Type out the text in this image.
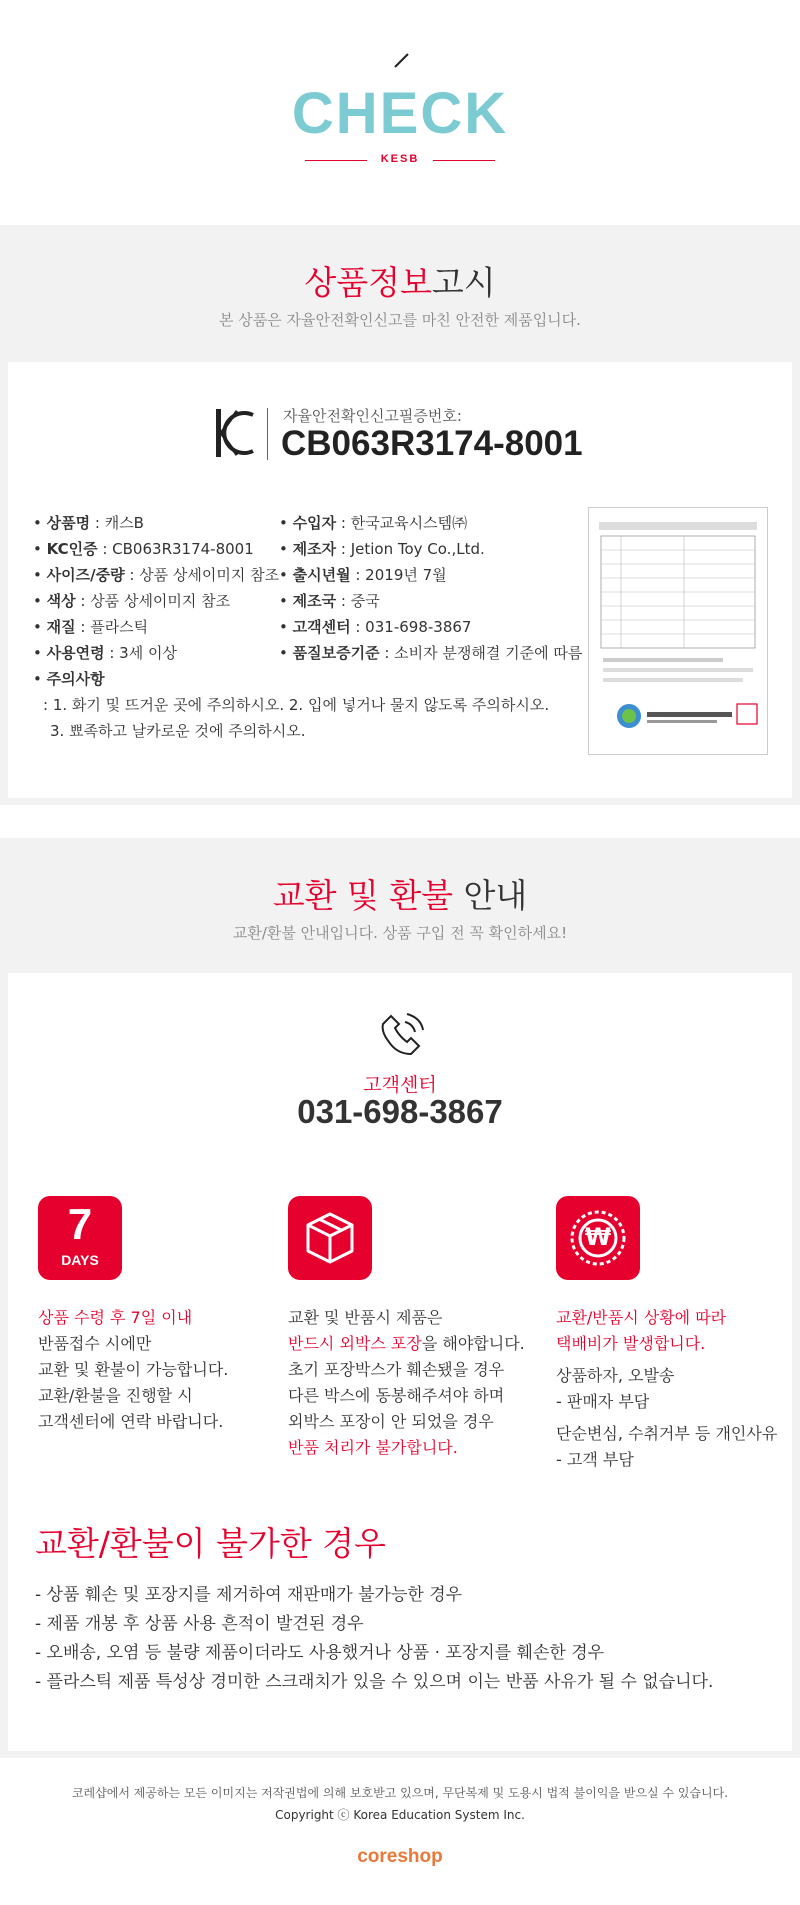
CHECK
KESB
상품정보고시
본 상품은 자율안전확인신고를 마친 안전한 제품입니다.
자율안전확인신고필증번호:
CB063R3174-8001
• 상품명 : 캐스B
• KC인증 : CB063R3174-8001
• 사이즈/중량 : 상품 상세이미지 참조
• 색상 : 상품 상세이미지 참조
• 재질 : 플라스틱
• 사용연령 : 3세 이상
• 수입자 : 한국교육시스템㈜
• 제조자 : Jetion Toy Co.,Ltd.
• 출시년월 : 2019년 7월
• 제조국 : 중국
• 고객센터 : 031-698-3867
• 품질보증기준 : 소비자 분쟁해결 기준에 따름
• 주의사항
: 1. 화기 및 뜨거운 곳에 주의하시오. 2. 입에 넣거나 물지 않도록 주의하시오.
3. 뾰족하고 날카로운 것에 주의하시오.
교환 및 환불 안내
교환/환불 안내입니다. 상품 구입 전 꼭 확인하세요!
고객센터
031-698-3867
7
DAYS
₩
상품 수령 후 7일 이내
반품접수 시에만
교환 및 환불이 가능합니다.
교환/환불을 진행할 시
고객센터에 연락 바랍니다.
교환 및 반품시 제품은
반드시 외박스 포장을 해야합니다.
초기 포장박스가 훼손됐을 경우
다른 박스에 동봉해주셔야 하며
외박스 포장이 안 되었을 경우
반품 처리가 불가합니다.
교환/반품시 상황에 따라
택배비가 발생합니다.
상품하자, 오발송
- 판매자 부담
단순변심, 수취거부 등 개인사유
- 고객 부담
교환/환불이 불가한 경우
- 상품 훼손 및 포장지를 제거하여 재판매가 불가능한 경우
- 제품 개봉 후 상품 사용 흔적이 발견된 경우
- 오배송, 오염 등 불량 제품이더라도 사용했거나 상품 · 포장지를 훼손한 경우
- 플라스틱 제품 특성상 경미한 스크래치가 있을 수 있으며 이는 반품 사유가 될 수 없습니다.
코레샵에서 제공하는 모든 이미지는 저작권법에 의해 보호받고 있으며, 무단복제 및 도용시 법적 불이익을 받으실 수 있습니다.
Copyright ⓒ Korea Education System Inc.
coreshop
